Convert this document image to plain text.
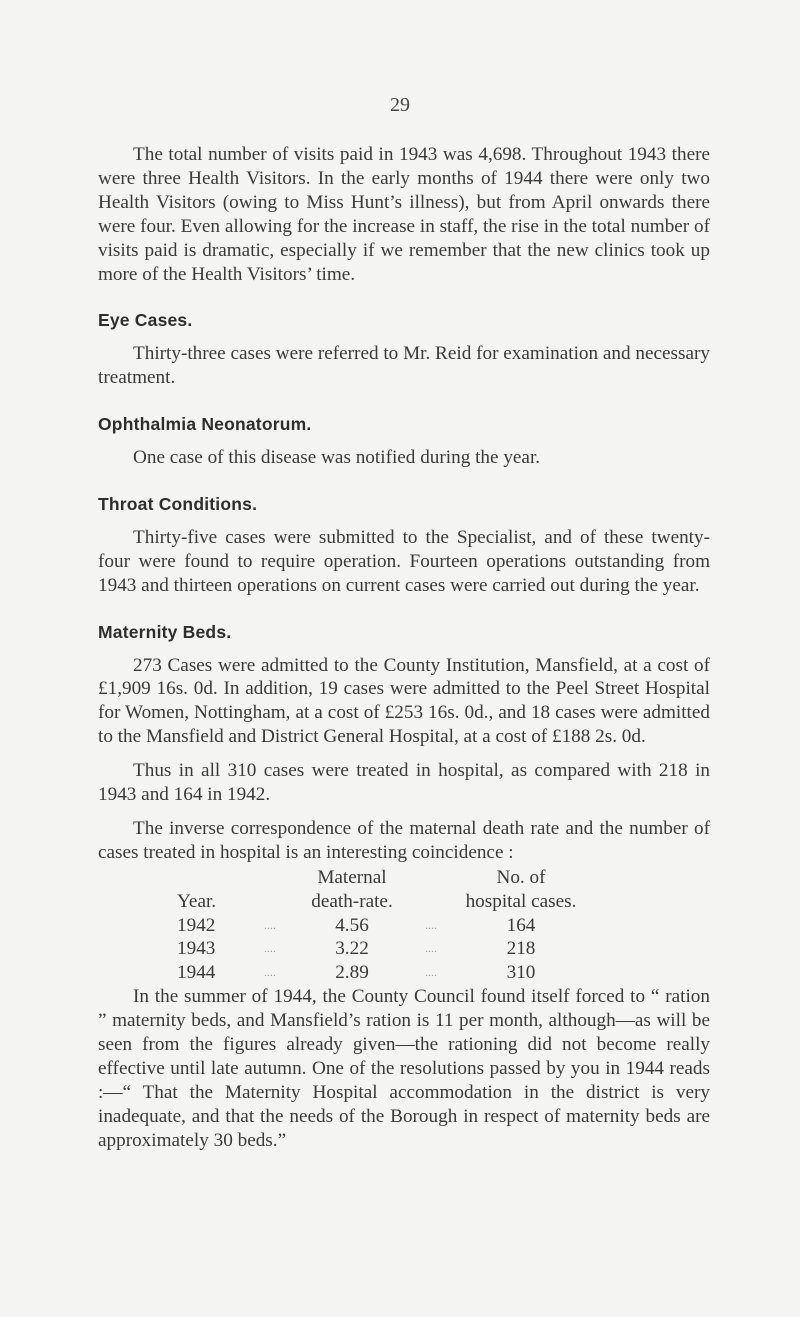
29

The total number of visits paid in 1943 was 4,698. Throughout 1943 there were three Health Visitors. In the early months of 1944 there were only two Health Visitors (owing to Miss Hunt’s illness), but from April onwards there were four. Even allowing for the increase in staff, the rise in the total number of visits paid is dramatic, especially if we remember that the new clinics took up more of the Health Visitors’ time.

Eye Cases.

Thirty-three cases were referred to Mr. Reid for examination and necessary treatment.

Ophthalmia Neonatorum.

One case of this disease was notified during the year.

Throat Conditions.

Thirty-five cases were submitted to the Specialist, and of these twenty-four were found to require operation. Fourteen operations outstanding from 1943 and thirteen operations on current cases were carried out during the year.

Maternity Beds.

273 Cases were admitted to the County Institution, Mansfield, at a cost of £1,909 16s. 0d. In addition, 19 cases were admitted to the Peel Street Hospital for Women, Nottingham, at a cost of £253 16s. 0d., and 18 cases were admitted to the Mansfield and District General Hospital, at a cost of £188 2s. 0d.

Thus in all 310 cases were treated in hospital, as compared with 218 in 1943 and 164 in 1942.

The inverse correspondence of the maternal death rate and the number of cases treated in hospital is an interesting coincidence :

		Maternal		No. of
Year.		death-rate.		hospital cases.
1942	....	4.56	....	164
1943	....	3.22	....	218
1944	....	2.89	....	310

In the summer of 1944, the County Council found itself forced to “ ration ” maternity beds, and Mansfield’s ration is 11 per month, although—as will be seen from the figures already given—the rationing did not become really effective until late autumn. One of the resolutions passed by you in 1944 reads :—“ That the Maternity Hospital accommodation in the district is very inadequate, and that the needs of the Borough in respect of maternity beds are approximately 30 beds.”
